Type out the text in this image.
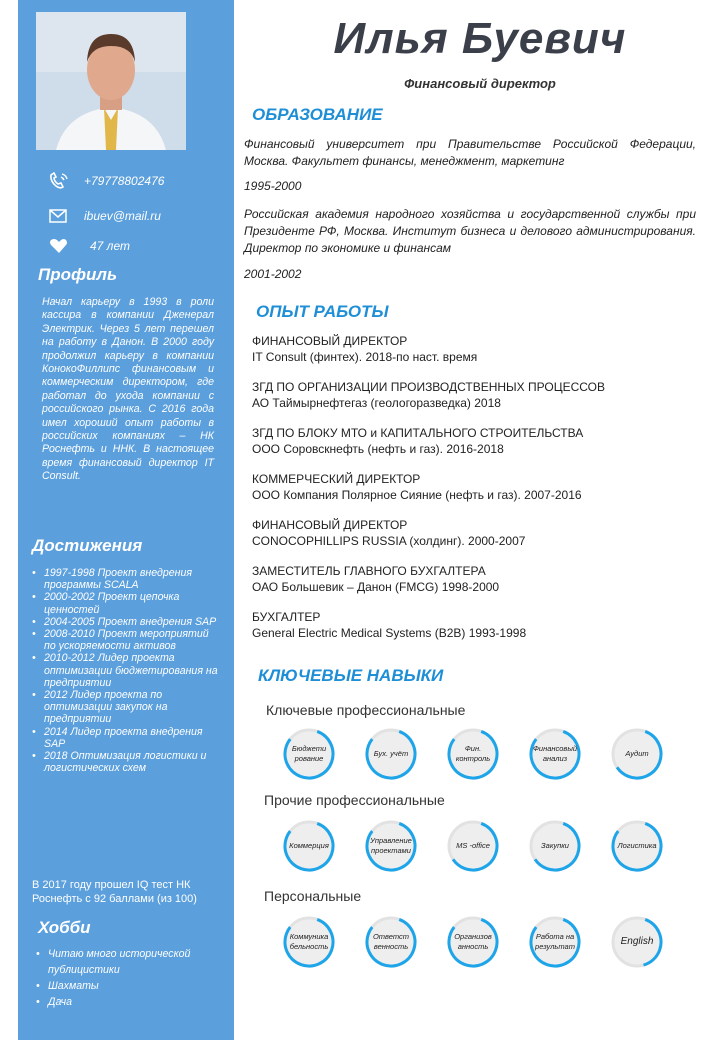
+79778802476
ibuev@mail.ru
47 лет
Профиль
Начал карьеру в 1993 в роли кассира в компании Дженерал Электрик. Через 5 лет перешел на работу в Данон. В 2000 году продолжил карьеру в компании КонокоФиллипс финансовым и коммерческим директором, где работал до ухода компании с российского рынка. С 2016 года имел хороший опыт работы в российских компаниях – НК Роснефть и ННК. В настоящее время финансовый директор IT Consult.
Достижения
• 1997-1998 Проект внедрения программы SCALA
• 2000-2002 Проект цепочка ценностей
• 2004-2005 Проект внедрения SAP
• 2008-2010 Проект мероприятий по ускоряемости активов
• 2010-2012 Лидер проекта оптимизации бюджетирования на предприятии
• 2012 Лидер проекта по оптимизации закупок на предприятии
• 2014 Лидер проекта внедрения SAP
• 2018 Оптимизация логистики и логистических схем
В 2017 году прошел IQ тест НК Роснефть с 92 баллами (из 100)
Хобби
• Читаю много исторической публицистики
• Шахматы
• Дача
Илья Буевич
Финансовый директор
ОБРАЗОВАНИЕ
Финансовый университет при Правительстве Российской Федерации, Москва. Факультет финансы, менеджмент, маркетинг
1995-2000
Российская академия народного хозяйства и государственной службы при Президенте РФ, Москва. Институт бизнеса и делового администрирования. Директор по экономике и финансам
2001-2002
ОПЫТ РАБОТЫ
ФИНАНСОВЫЙ ДИРЕКТОР
IT Consult (финтех). 2018-по наст. время
ЗГД ПО ОРГАНИЗАЦИИ ПРОИЗВОДСТВЕННЫХ ПРОЦЕССОВ
АО Таймырнефтегаз (геологоразведка) 2018
ЗГД ПО БЛОКУ МТО и КАПИТАЛЬНОГО СТРОИТЕЛЬСТВА
ООО Соровскнефть (нефть и газ). 2016-2018
КОММЕРЧЕСКИЙ ДИРЕКТОР
ООО Компания Полярное Сияние (нефть и газ). 2007-2016
ФИНАНСОВЫЙ ДИРЕКТОР
CONOCOPHILLIPS RUSSIA (холдинг). 2000-2007
ЗАМЕСТИТЕЛЬ ГЛАВНОГО БУХГАЛТЕРА
ОАО Большевик – Данон (FMCG) 1998-2000
БУХГАЛТЕР
General Electric Medical Systems (B2B) 1993-1998
КЛЮЧЕВЫЕ НАВЫКИ
Ключевые профессиональные
Прочие профессиональные
Персональные
Бюджети рование
Бух. учёт
Фин. контроль
Финансовый анализ
Аудит
Коммерция
Управление проектами
MS -office	Закупки	Логистика
Коммуника бельность
Ответст венность
Организов анность
Работа на результат	English
